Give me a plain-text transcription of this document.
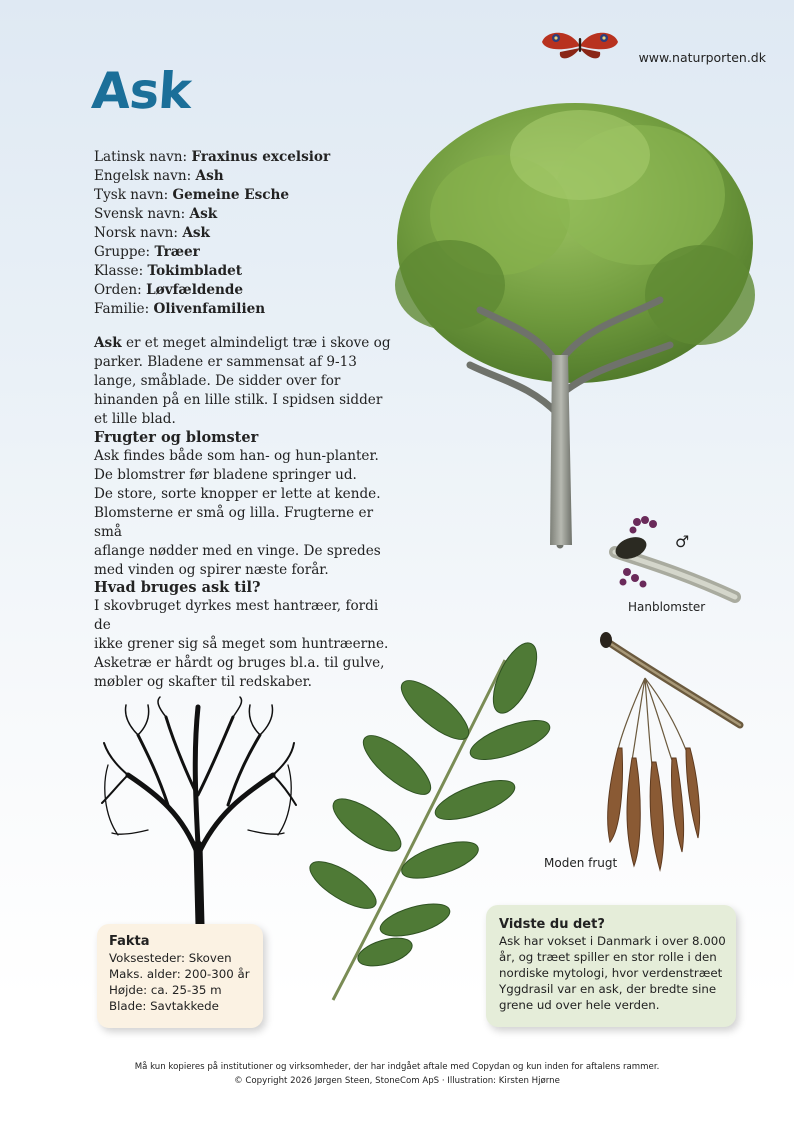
Ask
www.naturporten.dk
Latinsk navn: Fraxinus excelsior
Engelsk navn: Ash
Tysk navn: Gemeine Esche
Svensk navn: Ask
Norsk navn: Ask
Gruppe: Træer
Klasse: Tokimbladet
Orden: Løvfældende
Familie: Olivenfamilien
Ask er et meget almindeligt træ i skove og parker. Bladene er sammensat af 9-13 lange, småblade. De sidder over for hinanden på en lille stilk. I spidsen sidder et lille blad.
Frugter og blomster

Ask findes både som han- og hun-planter.

De blomstrer før bladene springer ud.

De store, sorte knopper er lette at kende.

Blomsterne er små og lilla. Frugterne er små

aflange nødder med en vinge. De spredes

med vinden og spirer næste forår.

Hvad bruges ask til?

I skovbruget dyrkes mest hantræer, fordi de

ikke grener sig så meget som huntræerne.

Asketræ er hårdt og bruges bl.a. til gulve,

møbler og skafter til redskaber.

♂
Hanblomster
Moden frugt
Fakta
Voksesteder: Skoven
Maks. alder: 200-300 år
Højde: ca. 25-35 m
Blade: Savtakkede
Vidste du det?
Ask har vokset i Danmark i over 8.000
år, og træet spiller en stor rolle i den
nordiske mytologi, hvor verdenstræet
Yggdrasil var en ask, der bredte sine
grene ud over hele verden.
Må kun kopieres på institutioner og virksomheder, der har indgået aftale med Copydan og kun inden for aftalens rammer.
© Copyright 2026 Jørgen Steen, StoneCom ApS · Illustration: Kirsten Hjørne
